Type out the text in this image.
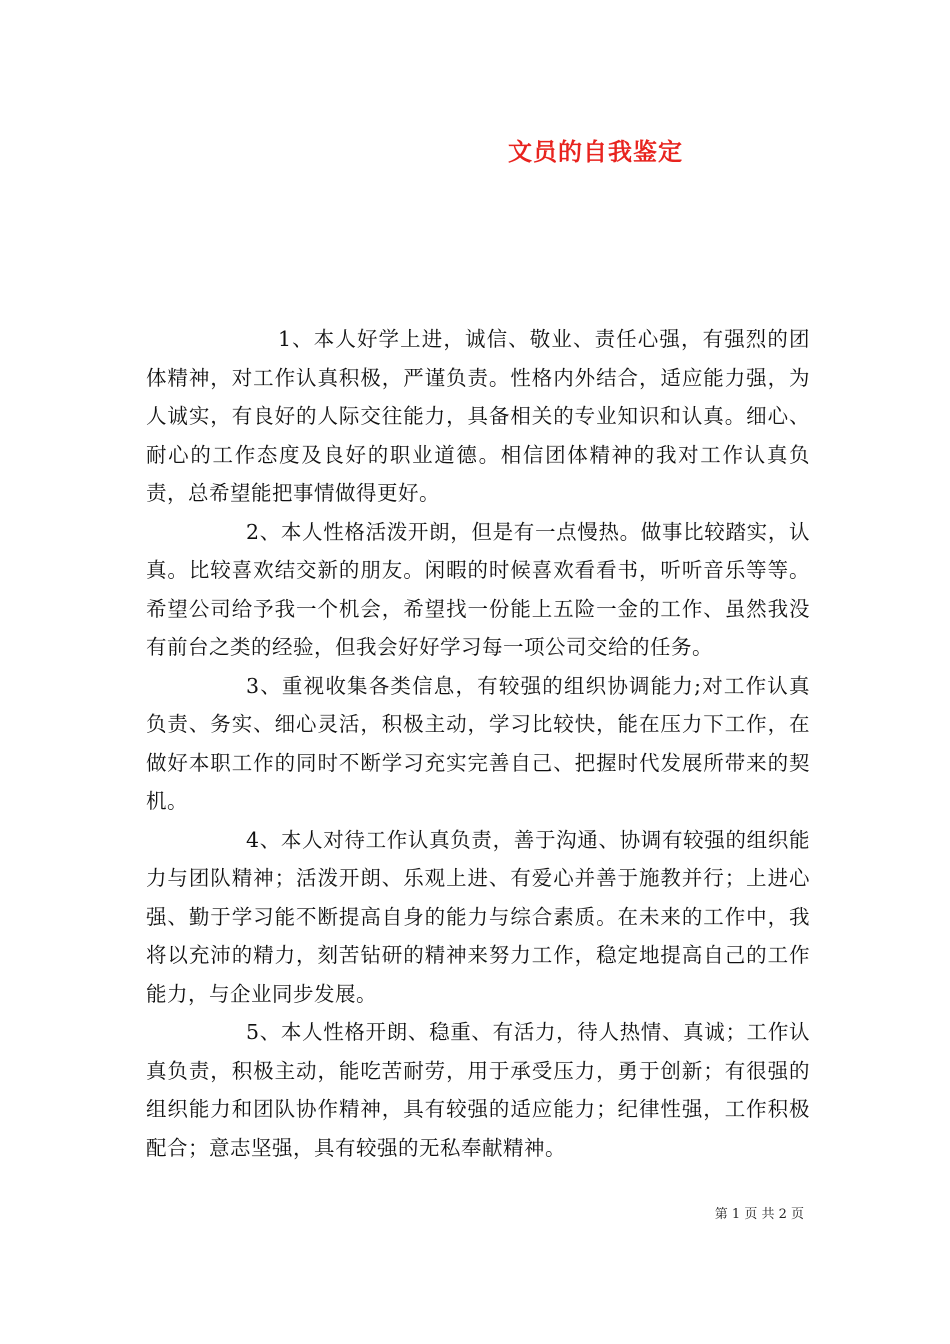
文员的自我鉴定

1、本人好学上进，诚信、敬业、责任心强，有强烈的团体精神，对工作认真积极，严谨负责。性格内外结合，适应能力强，为人诚实，有良好的人际交往能力，具备相关的专业知识和认真。细心、耐心的工作态度及良好的职业道德。相信团体精神的我对工作认真负责，总希望能把事情做得更好。

2、本人性格活泼开朗，但是有一点慢热。做事比较踏实，认真。比较喜欢结交新的朋友。闲暇的时候喜欢看看书，听听音乐等等。希望公司给予我一个机会，希望找一份能上五险一金的工作、虽然我没有前台之类的经验，但我会好好学习每一项公司交给的任务。

3、重视收集各类信息，有较强的组织协调能力;对工作认真负责、务实、细心灵活，积极主动，学习比较快，能在压力下工作，在做好本职工作的同时不断学习充实完善自己、把握时代发展所带来的契机。

4、本人对待工作认真负责，善于沟通、协调有较强的组织能力与团队精神；活泼开朗、乐观上进、有爱心并善于施教并行；上进心强、勤于学习能不断提高自身的能力与综合素质。在未来的工作中，我将以充沛的精力，刻苦钻研的精神来努力工作，稳定地提高自己的工作能力，与企业同步发展。

5、本人性格开朗、稳重、有活力，待人热情、真诚；工作认真负责，积极主动，能吃苦耐劳，用于承受压力，勇于创新；有很强的组织能力和团队协作精神，具有较强的适应能力；纪律性强，工作积极配合；意志坚强，具有较强的无私奉献精神。

第 1 页 共 2 页
